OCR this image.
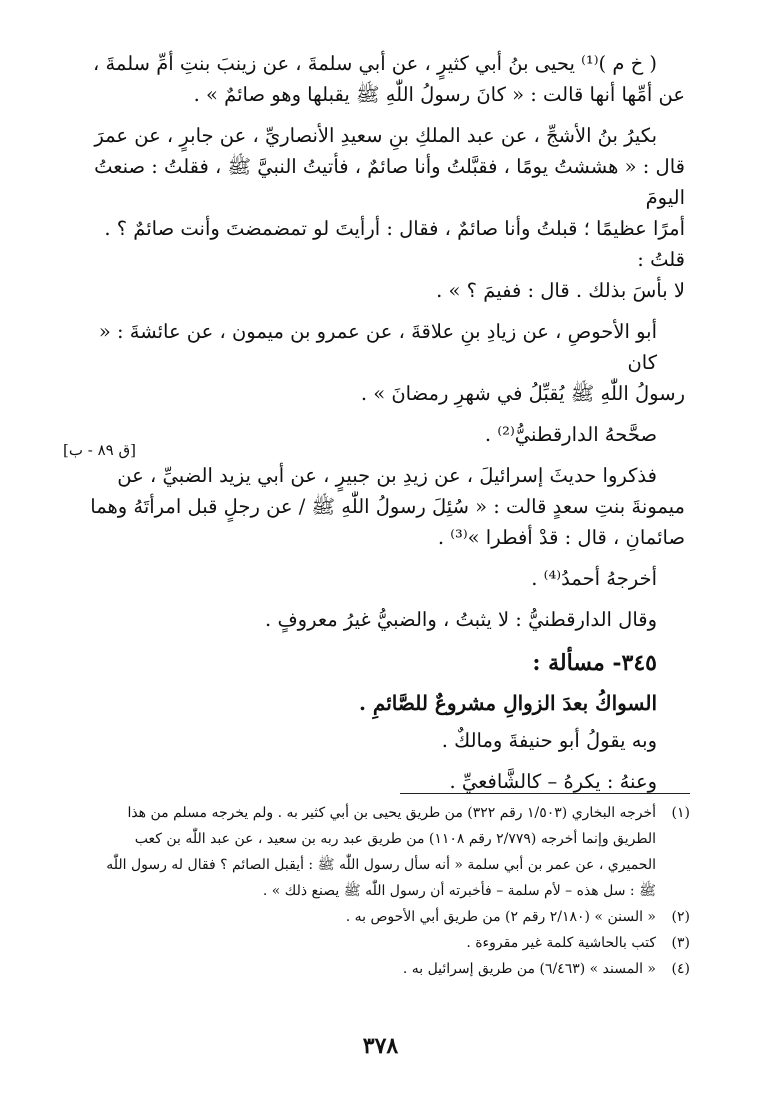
( خ م )⁽¹⁾ يحيى بنُ أبي كثيرٍ ، عن أبي سلمةَ ، عن زينبَ بنتِ أمِّ سلمةَ ،

عن أمِّها أنها قالت : « كانَ رسولُ اللّٰهِ ﷺ يقبلها وهو صائمٌ » .

بكيرُ بنُ الأشجِّ ، عن عبد الملكِ بنِ سعيدِ الأنصاريِّ ، عن جابرٍ ، عن عمرَ

قال : « هششتُ يومًا ، فقبَّلتُ وأنا صائمٌ ، فأتيتُ النبيَّ ﷺ ، فقلتُ : صنعتُ اليومَ

أمرًا عظيمًا ؛ قبلتُ وأنا صائمٌ ، فقال : أرأيتَ لو تمضمضتَ وأنت صائمٌ ؟ . قلتُ :

لا بأسَ بذلك . قال : ففيمَ ؟ » .

أبو الأحوصِ ، عن زيادِ بنِ علاقةَ ، عن عمرو بن ميمون ، عن عائشةَ : « كان

رسولُ اللّٰهِ ﷺ يُقبِّلُ في شهرِ رمضانَ » .

صحَّحهُ الدارقطنيُّ⁽²⁾ .

فذكروا حديثَ إسرائيلَ ، عن زيدِ بن جبيرٍ ، عن أبي يزيد الضبيِّ ، عن

ميمونةَ بنتِ سعدٍ قالت : « سُئِلَ رسولُ اللّٰهِ ﷺ / عن رجلٍ قبل امرأتَهُ وهما

صائمانِ ، قال : قدْ أفطرا »⁽³⁾ .

أخرجهُ أحمدُ⁽⁴⁾ .

وقال الدارقطنيُّ : لا يثبتُ ، والضبيُّ غيرُ معروفٍ .

٣٤٥- مسألة :
السواكُ بعدَ الزوالِ مشروعٌ للصَّائمِ .

وبه يقولُ أبو حنيفةَ ومالكٌ .

وعنهُ : يكرهُ – كالشَّافعيِّ .

[ق ٨٩ - ب]
(١)

أخرجه البخاري (١/٥٠٣ رقم ٣٢٢) من طريق يحيى بن أبي كثير به . ولم يخرجه مسلم من هذا

الطريق وإنما أخرجه (٢/٧٧٩ رقم ١١٠٨) من طريق عبد ربه بن سعيد ، عن عبد اللّٰه بن كعب

الحميري ، عن عمر بن أبي سلمة « أنه سأل رسول اللّٰه ﷺ : أيقبل الصائم ؟ فقال له رسول اللّٰه

ﷺ : سل هذه – لأم سلمة – فأخبرته أن رسول اللّٰه ﷺ يصنع ذلك » .

(٢)

« السنن » (٢/١٨٠ رقم ٢) من طريق أبي الأحوص به .

(٣)

كتب بالحاشية كلمة غير مقروءة .

(٤)

« المسند » (٦/٤٦٣) من طريق إسرائيل به .

٣٧٨
